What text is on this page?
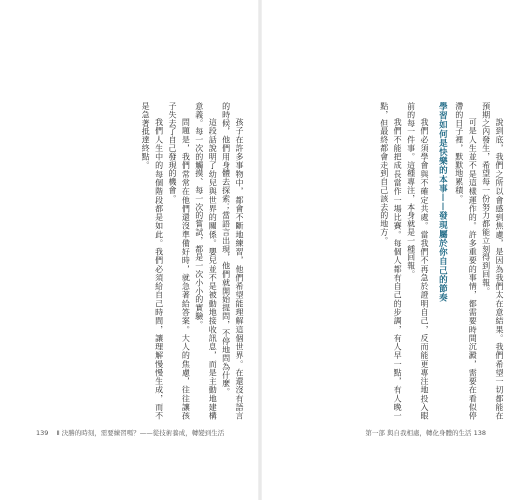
孩子在許多事物中，都會不斷地練習，他們希望能理解這個世界。在還沒有語言的時候，他們用身體去探索；當語言出現，他們就開始提問，不停地問為什麼。

這段話說明了幼兒與世界的關係。嬰兒並不是被動地接收訊息，而是主動地建構意義。每一次的觸摸、每一次的嘗試，都是一次小小的實驗。

問題是，我們常常在他們還沒準備好時，就急著給答案。大人的焦慮，往往讓孩子失去了自己發現的機會。

我們人生中的每個階段都是如此。我們必須給自己時間，讓理解慢慢生成，而不是急著抵達終點。

139 Ⅱ 決勝的時刻，需要練習嗎？——從技術養成，轉變到生活

說到底，我們之所以會感到焦慮，是因為我們太在意結果。我們希望一切都能在預期之內發生，希望每一份努力都能立刻得到回報。

可是人生並不是這樣運作的。許多重要的事情，都需要時間沉澱，需要在看似停滯的日子裡，默默地累積。

學習如何是快樂的本事——發現屬於你自己的節奏

我們必須學會與不確定共處。當我們不再急於證明自己，反而能更專注地投入眼前的每一件事。這種專注，本身就是一種回報。

我們不能把成長當作一場比賽。每個人都有自己的步調，有人早一點，有人晚一點，但最終都會走到自己該去的地方。

第一部 與自我相處，轉化身體的生活 138
